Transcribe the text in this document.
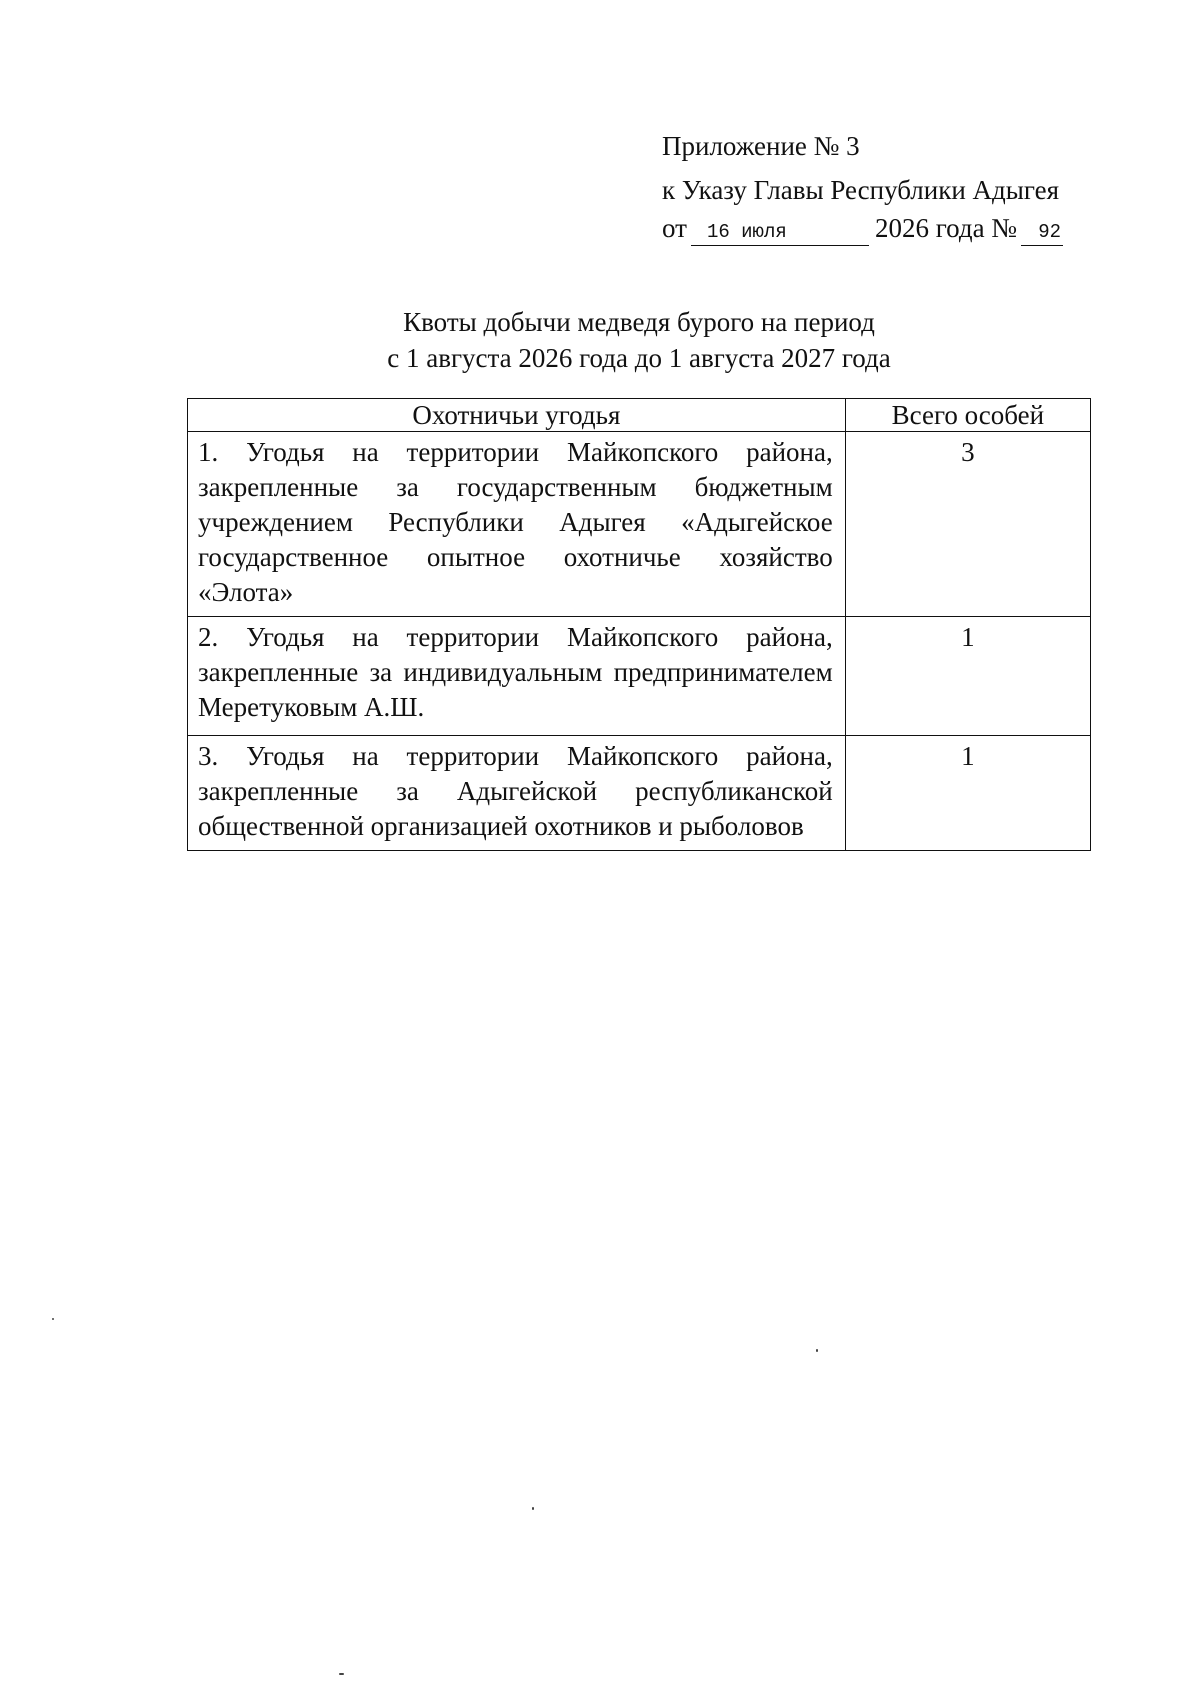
Приложение № 3
к Указу Главы Республики Адыгея
от 16 июля	2026 года № 92
Квоты добычи медведя бурого на период
с 1 августа 2026 года до 1 августа 2027 года
Охотничьи угодья	Всего особей
1. Угодья на территории Майкопского района, закрепленные за государственным бюджетным учреждением Республики Адыгея «Адыгейское государственное опытное охотничье хозяйство «Элота»	3
2. Угодья на территории Майкопского района, закрепленные за индивидуальным предпринимателем Меретуковым А.Ш.	1
3. Угодья на территории Майкопского района, закрепленные за Адыгейской республиканской общественной организацией охотников и рыболовов	1
